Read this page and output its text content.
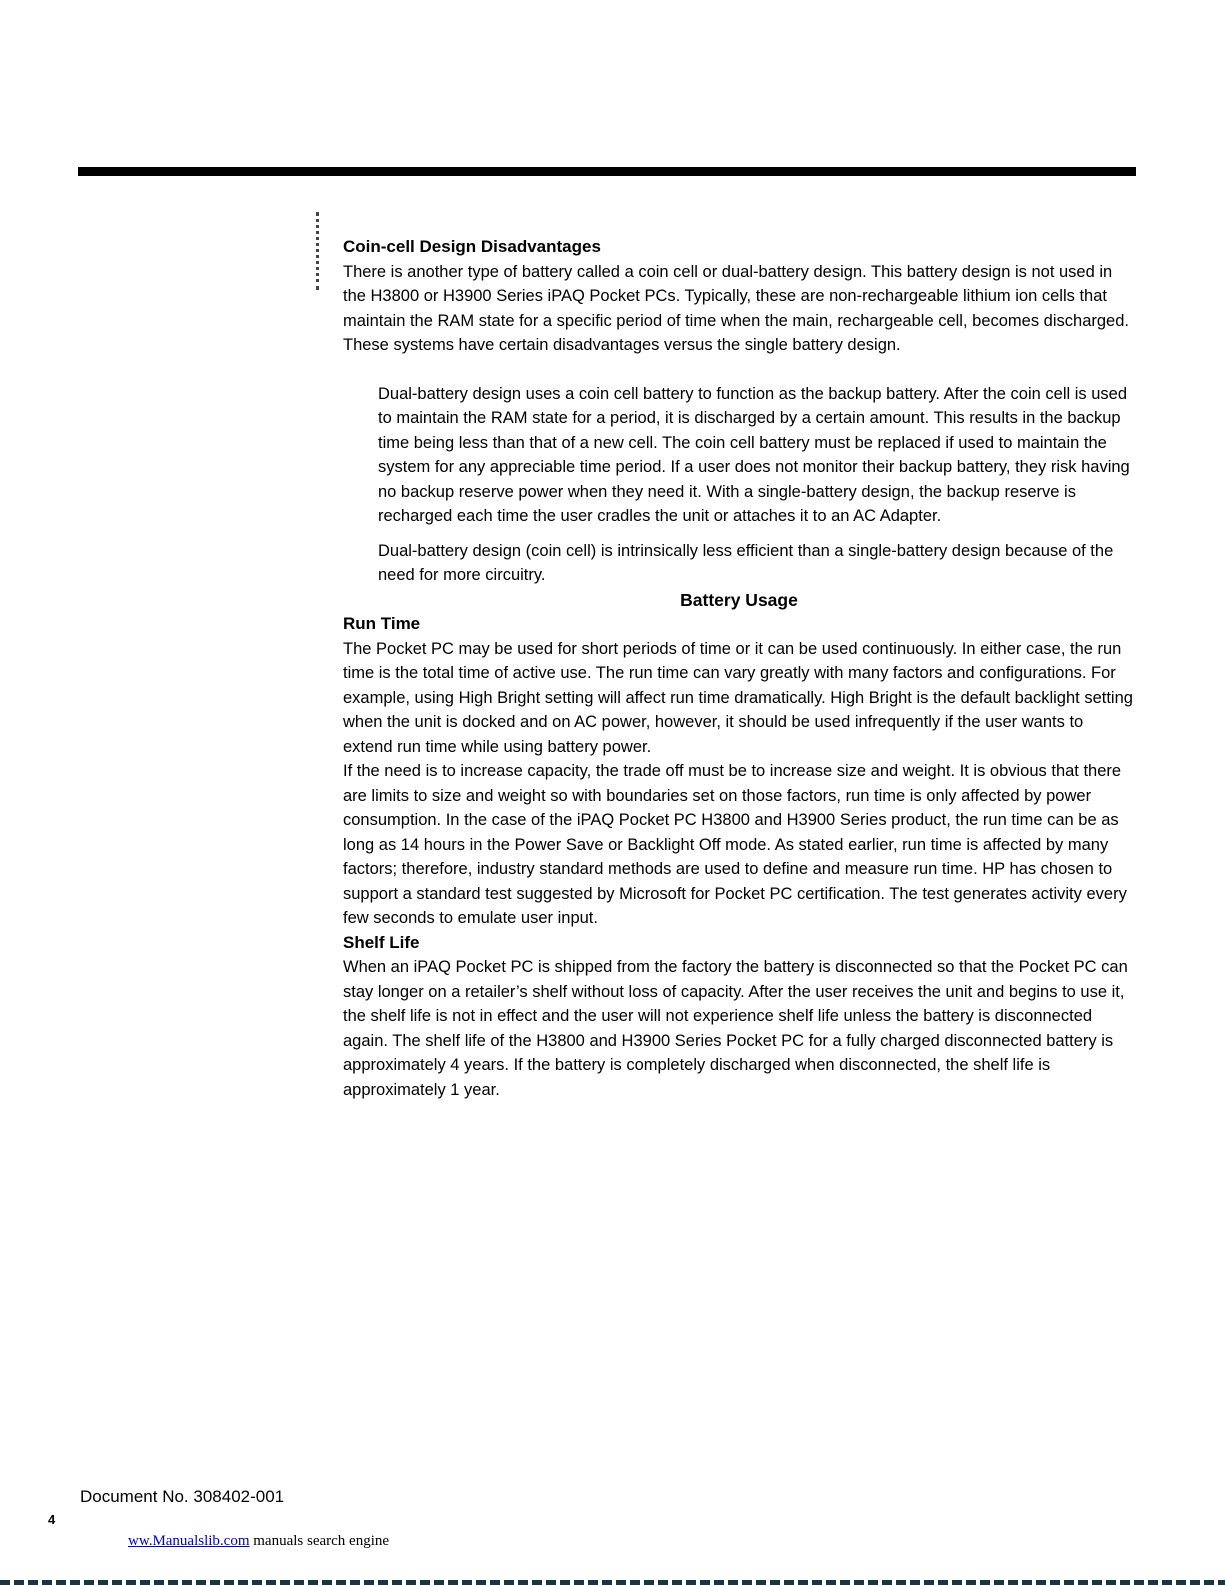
Coin-cell Design Disadvantages

There is another type of battery called a coin cell or dual-battery design. This battery design is not used in the H3800 or H3900 Series iPAQ Pocket PCs. Typically, these are non-rechargeable lithium ion cells that maintain the RAM state for a specific period of time when the main, rechargeable cell, becomes discharged. These systems have certain disadvantages versus the single battery design.

Dual-battery design uses a coin cell battery to function as the backup battery. After the coin cell is used to maintain the RAM state for a period, it is discharged by a certain amount. This results in the backup time being less than that of a new cell. The coin cell battery must be replaced if used to maintain the system for any appreciable time period. If a user does not monitor their backup battery, they risk having no backup reserve power when they need it. With a single-battery design, the backup reserve is recharged each time the user cradles the unit or attaches it to an AC Adapter.

Dual-battery design (coin cell) is intrinsically less efficient than a single-battery design because of the need for more circuitry.

Battery Usage

Run Time

The Pocket PC may be used for short periods of time or it can be used continuously. In either case, the run time is the total time of active use. The run time can vary greatly with many factors and configurations. For example, using High Bright setting will affect run time dramatically. High Bright is the default backlight setting when the unit is docked and on AC power, however, it should be used infrequently if the user wants to extend run time while using battery power.

If the need is to increase capacity, the trade off must be to increase size and weight. It is obvious that there are limits to size and weight so with boundaries set on those factors, run time is only affected by power consumption. In the case of the iPAQ Pocket PC H3800 and H3900 Series product, the run time can be as long as 14 hours in the Power Save or Backlight Off mode. As stated earlier, run time is affected by many factors; therefore, industry standard methods are used to define and measure run time. HP has chosen to support a standard test suggested by Microsoft for Pocket PC certification. The test generates activity every few seconds to emulate user input.

Shelf Life

When an iPAQ Pocket PC is shipped from the factory the battery is disconnected so that the Pocket PC can stay longer on a retailer’s shelf without loss of capacity. After the user receives the unit and begins to use it, the shelf life is not in effect and the user will not experience shelf life unless the battery is disconnected again. The shelf life of the H3800 and H3900 Series Pocket PC for a fully charged disconnected battery is approximately 4 years. If the battery is completely discharged when disconnected, the shelf life is approximately 1 year.

Document No. 308402-001
4
ww.Manualslib.com manuals search engine
